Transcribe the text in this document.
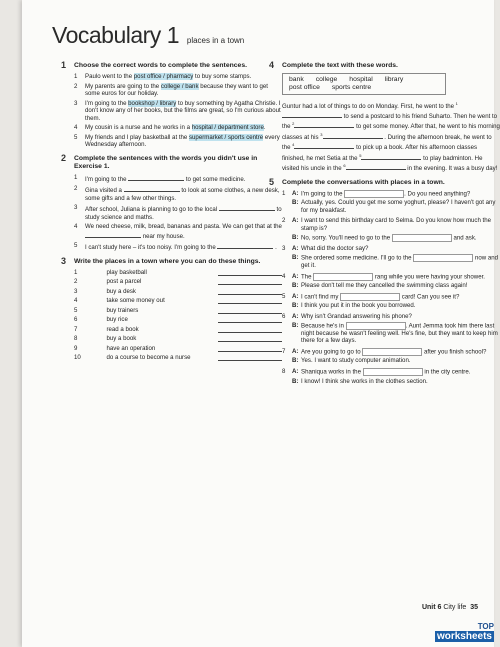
Vocabulary 1 places in a town
1	Choose the correct words to complete the sentences.
1	Paulo went to the post office / pharmacy to buy some stamps.
2	My parents are going to the college / bank because they want to get some euros for our holiday.
3	I'm going to the bookshop / library to buy something by Agatha Christie. I don't know any of her books, but the films are great, so I'm curious about them.
4	My cousin is a nurse and he works in a hospital / department store.
5	My friends and I play basketball at the supermarket / sports centre every Wednesday afternoon.
2	Complete the sentences with the words you didn't use in Exercise 1.
1	I'm going to the	to get some medicine.
2	Gina visited a	to look at some clothes, a new desk, some gifts and a few other things.
3	After school, Juliana is planning to go to the local	to study science and maths.
4	We need cheese, milk, bread, bananas and pasta. We can get that at the  near my house.
5	I can't study here – it's too noisy. I'm going to the	.
3	Write the places in a town where you can do these things.
1	play basketball
2	post a parcel
3	buy a desk
4	take some money out
5	buy trainers
6	buy rice
7	read a book
8	buy a book
9	have an operation
10	do a course to become a nurse
4	Complete the text with these words.
bank college hospital library
post office sports centre
Guntur had a lot of things to do on Monday. First, he went to the $^1$ to send a postcard to his friend Suharto. Then he went to the $^2$	to get some money. After that, he went to his morning classes at his $^3$	. During the afternoon break, he went to the $^4$	to pick up a book. After his afternoon classes finished, he met Setia at the $^5$	to play badminton. He visited his uncle in the $^6$	in the evening. It was a busy day!
5	Complete the conversations with places in a town.
1	A: I'm going to the	. Do you need anything?
B: Actually, yes. Could you get me some yoghurt, please? I haven't got any for my breakfast.
2	A: I want to send this birthday card to Selma. Do you know how much the stamp is?
B: No, sorry. You'll need to go to the	and ask.
3	A: What did the doctor say?
B: She ordered some medicine. I'll go to the	now and get it.
4	A: The	rang while you were having your shower.
B: Please don't tell me they cancelled the swimming class again!
5	A: I can't find my	card! Can you see it?
B: I think you put it in the book you borrowed.
6	A: Why isn't Grandad answering his phone?
B: Because he's in	. Aunt Jemma took him there last night because he wasn't feeling well. He's fine, but they want to keep him there for a few days.
7	A: Are you going to go to	after you finish school?
B: Yes. I want to study computer animation.
8	A: Shaniqua works in the	in the city centre.
B: I know! I think she works in the clothes section.
Unit 6 City life 35
TOP
worksheets
